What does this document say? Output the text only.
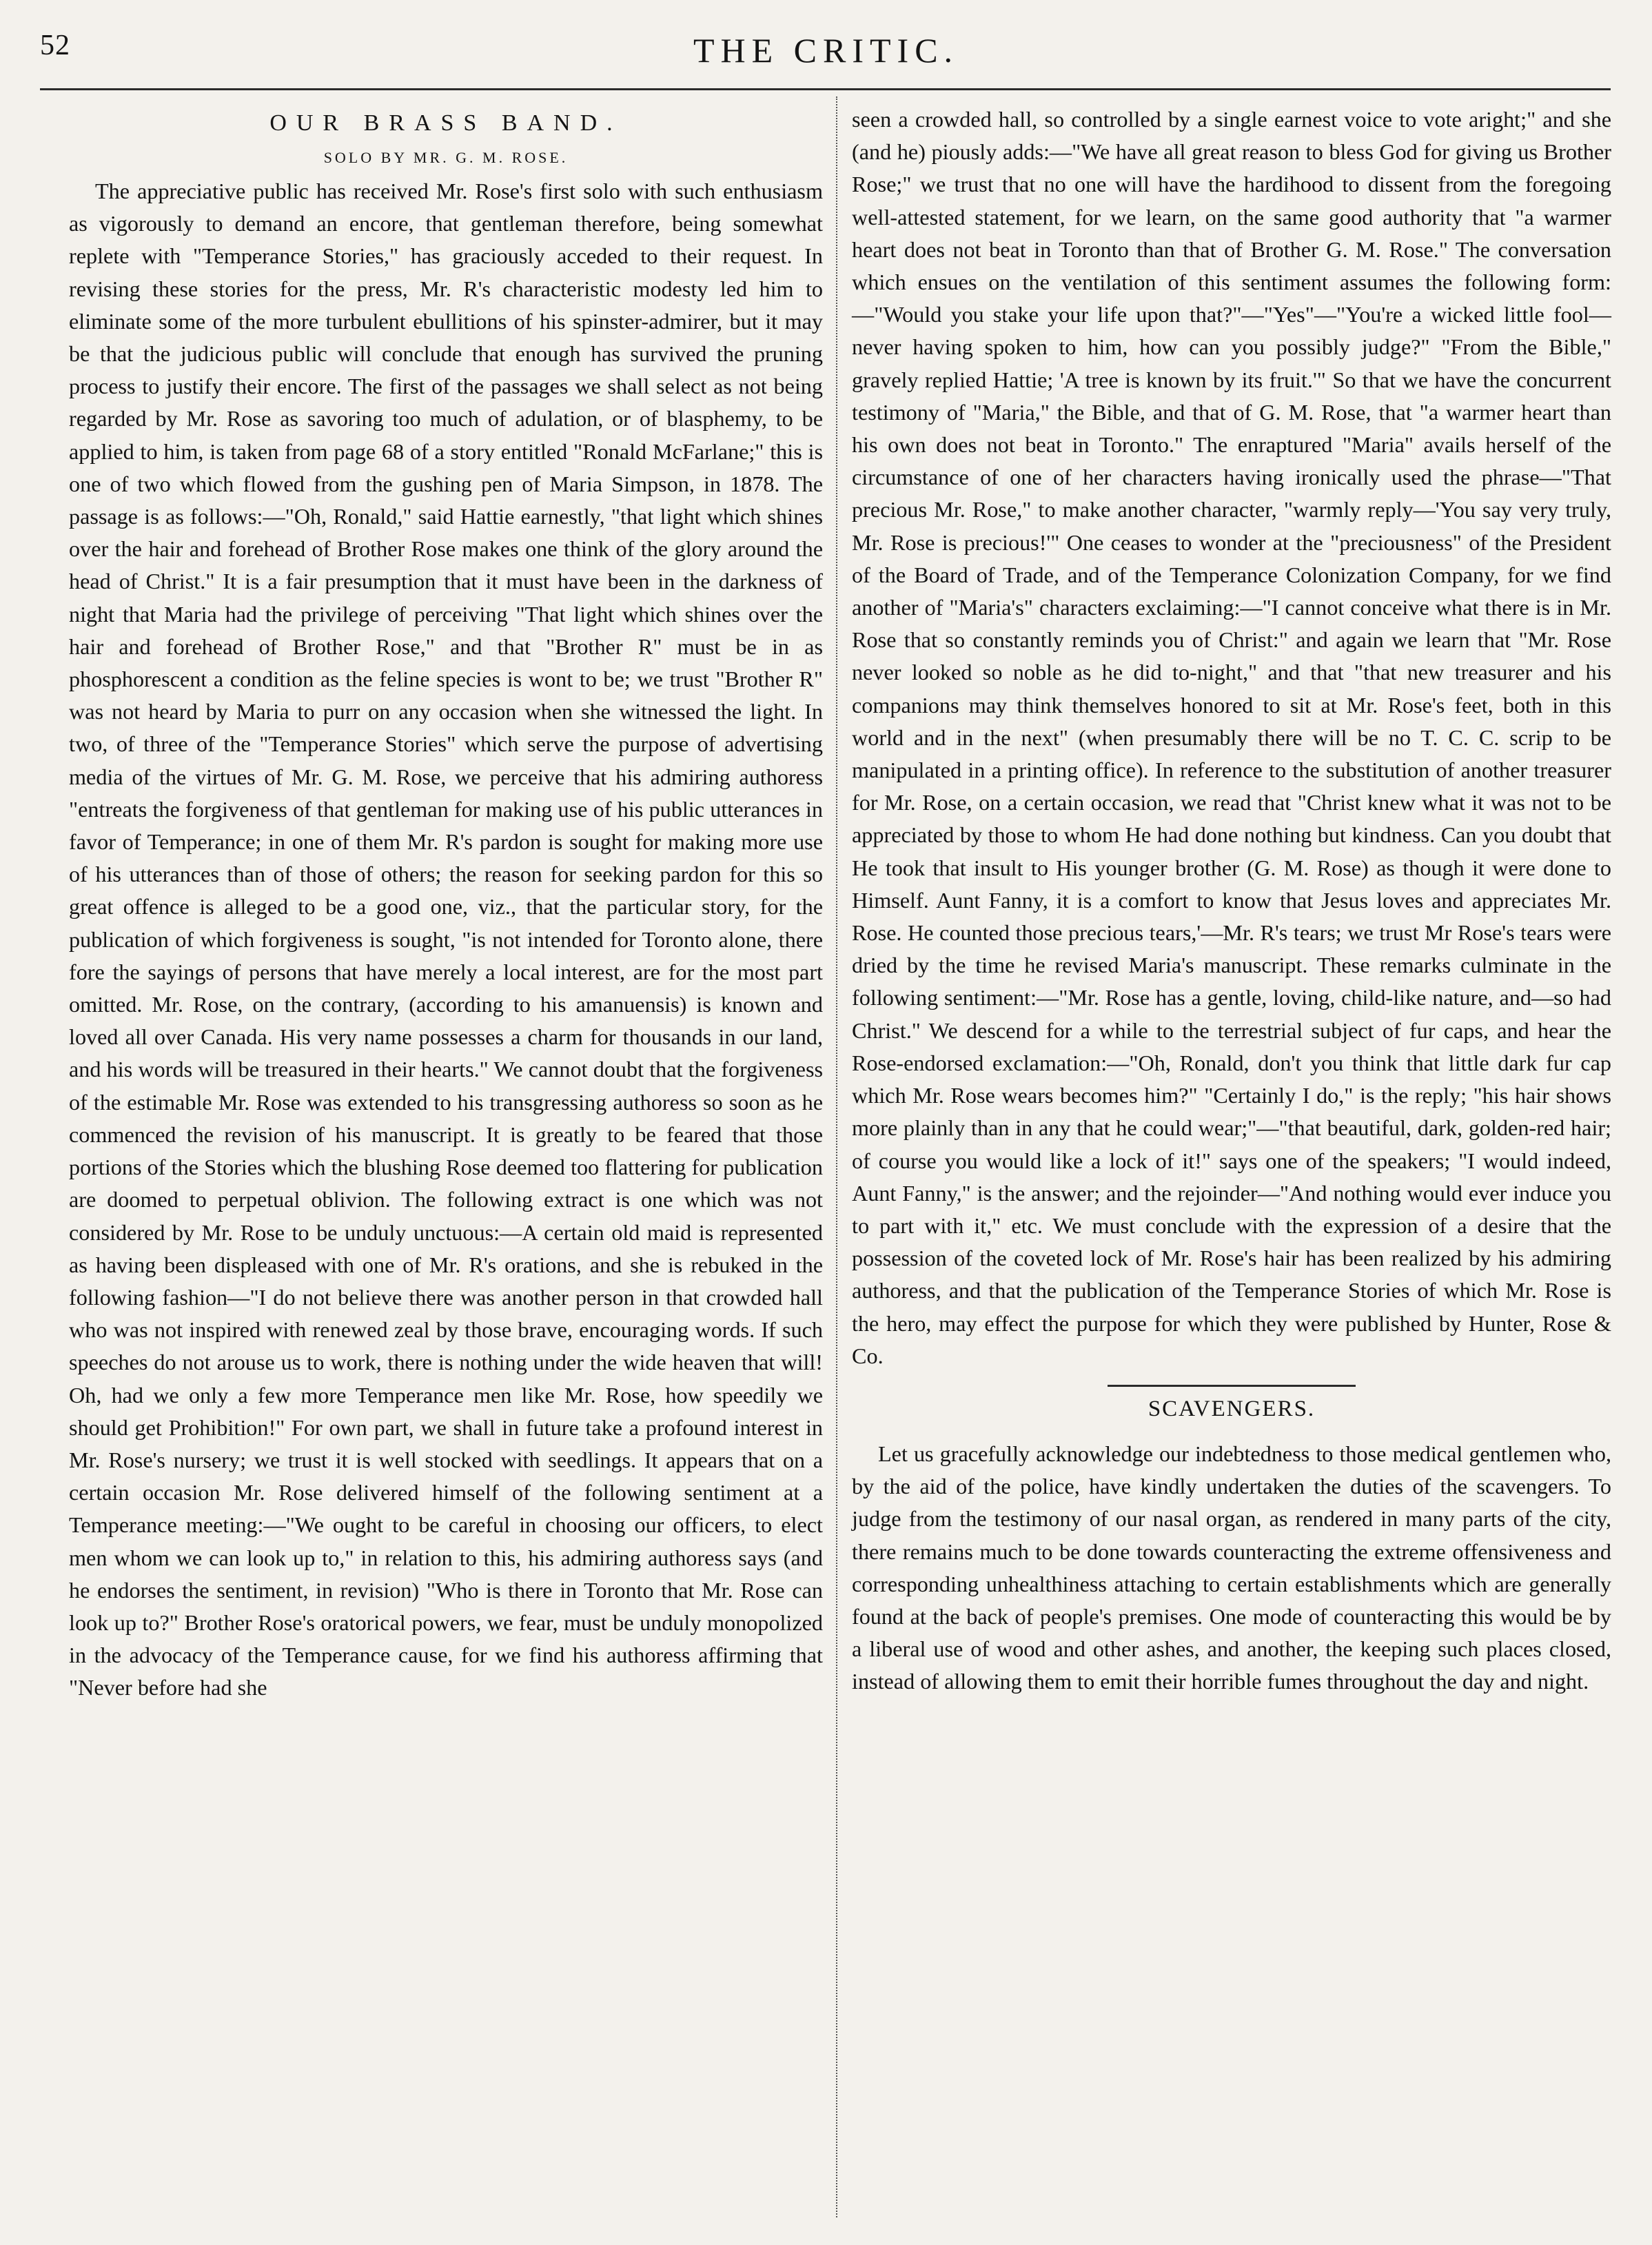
52	THE CRITIC.
OUR BRASS BAND.
SOLO BY MR. G. M. ROSE.

The appreciative public has received Mr. Rose's first solo with such enthusiasm as vigorously to demand an encore, that gentleman therefore, being somewhat replete with "Temperance Stories," has graciously acceded to their request. In revising these stories for the press, Mr. R's characteristic modesty led him to eliminate some of the more turbulent ebullitions of his spinster-admirer, but it may be that the judicious public will conclude that enough has survived the pruning process to justify their encore. The first of the passages we shall select as not being regarded by Mr. Rose as savoring too much of adulation, or of blasphemy, to be applied to him, is taken from page 68 of a story entitled "Ronald McFarlane;" this is one of two which flowed from the gushing pen of Maria Simpson, in 1878. The passage is as follows:—"Oh, Ronald," said Hattie earnestly, "that light which shines over the hair and forehead of Brother Rose makes one think of the glory around the head of Christ." It is a fair presumption that it must have been in the darkness of night that Maria had the privilege of perceiving "That light which shines over the hair and forehead of Brother Rose," and that "Brother R" must be in as phosphorescent a condition as the feline species is wont to be; we trust "Brother R" was not heard by Maria to purr on any occasion when she witnessed the light. In two, of three of the "Temperance Stories" which serve the purpose of advertising media of the virtues of Mr. G. M. Rose, we perceive that his admiring authoress "entreats the forgiveness of that gentleman for making use of his public utterances in favor of Temperance; in one of them Mr. R's pardon is sought for making more use of his utterances than of those of others; the reason for seeking pardon for this so great offence is alleged to be a good one, viz., that the particular story, for the publication of which forgiveness is sought, "is not intended for Toronto alone, there fore the sayings of persons that have merely a local interest, are for the most part omitted. Mr. Rose, on the contrary, (according to his amanuensis) is known and loved all over Canada. His very name possesses a charm for thousands in our land, and his words will be treasured in their hearts." We cannot doubt that the forgiveness of the estimable Mr. Rose was extended to his transgressing authoress so soon as he commenced the revision of his manuscript. It is greatly to be feared that those portions of the Stories which the blushing Rose deemed too flattering for publication are doomed to perpetual oblivion. The following extract is one which was not considered by Mr. Rose to be unduly unctuous:—A certain old maid is represented as having been displeased with one of Mr. R's orations, and she is rebuked in the following fashion—"I do not believe there was another person in that crowded hall who was not inspired with renewed zeal by those brave, encouraging words. If such speeches do not arouse us to work, there is nothing under the wide heaven that will! Oh, had we only a few more Temperance men like Mr. Rose, how speedily we should get Prohibition!" For own part, we shall in future take a profound interest in Mr. Rose's nursery; we trust it is well stocked with seedlings. It appears that on a certain occasion Mr. Rose delivered himself of the following sentiment at a Temperance meeting:—"We ought to be careful in choosing our officers, to elect men whom we can look up to," in relation to this, his admiring authoress says (and he endorses the sentiment, in revision) "Who is there in Toronto that Mr. Rose can look up to?" Brother Rose's oratorical powers, we fear, must be unduly monopolized in the advocacy of the Temperance cause, for we find his authoress affirming that "Never before had she

seen a crowded hall, so controlled by a single earnest voice to vote aright;" and she (and he) piously adds:—"We have all great reason to bless God for giving us Brother Rose;" we trust that no one will have the hardihood to dissent from the foregoing well-attested statement, for we learn, on the same good authority that "a warmer heart does not beat in Toronto than that of Brother G. M. Rose." The conversation which ensues on the ventilation of this sentiment assumes the following form:—"Would you stake your life upon that?"—"Yes"—"You're a wicked little fool—never having spoken to him, how can you possibly judge?" "From the Bible," gravely replied Hattie; 'A tree is known by its fruit.'" So that we have the concurrent testimony of "Maria," the Bible, and that of G. M. Rose, that "a warmer heart than his own does not beat in Toronto." The enraptured "Maria" avails herself of the circumstance of one of her characters having ironically used the phrase—"That precious Mr. Rose," to make another character, "warmly reply—'You say very truly, Mr. Rose is precious!'" One ceases to wonder at the "preciousness" of the President of the Board of Trade, and of the Temperance Colonization Company, for we find another of "Maria's" characters exclaiming:—"I cannot conceive what there is in Mr. Rose that so constantly reminds you of Christ:" and again we learn that "Mr. Rose never looked so noble as he did to-night," and that "that new treasurer and his companions may think themselves honored to sit at Mr. Rose's feet, both in this world and in the next" (when presumably there will be no T. C. C. scrip to be manipulated in a printing office). In reference to the substitution of another treasurer for Mr. Rose, on a certain occasion, we read that "Christ knew what it was not to be appreciated by those to whom He had done nothing but kindness. Can you doubt that He took that insult to His younger brother (G. M. Rose) as though it were done to Himself. Aunt Fanny, it is a comfort to know that Jesus loves and appreciates Mr. Rose. He counted those precious tears,'—Mr. R's tears; we trust Mr Rose's tears were dried by the time he revised Maria's manuscript. These remarks culminate in the following sentiment:—"Mr. Rose has a gentle, loving, child-like nature, and—so had Christ." We descend for a while to the terrestrial subject of fur caps, and hear the Rose-endorsed exclamation:—"Oh, Ronald, don't you think that little dark fur cap which Mr. Rose wears becomes him?" "Certainly I do," is the reply; "his hair shows more plainly than in any that he could wear;"—"that beautiful, dark, golden-red hair; of course you would like a lock of it!" says one of the speakers; "I would indeed, Aunt Fanny," is the answer; and the rejoinder—"And nothing would ever induce you to part with it," etc. We must conclude with the expression of a desire that the possession of the coveted lock of Mr. Rose's hair has been realized by his admiring authoress, and that the publication of the Temperance Stories of which Mr. Rose is the hero, may effect the purpose for which they were published by Hunter, Rose & Co.

SCAVENGERS.

Let us gracefully acknowledge our indebtedness to those medical gentlemen who, by the aid of the police, have kindly undertaken the duties of the scavengers. To judge from the testimony of our nasal organ, as rendered in many parts of the city, there remains much to be done towards counteracting the extreme offensiveness and corresponding unhealthiness attaching to certain establishments which are generally found at the back of people's premises. One mode of counteracting this would be by a liberal use of wood and other ashes, and another, the keeping such places closed, instead of allowing them to emit their horrible fumes throughout the day and night.
